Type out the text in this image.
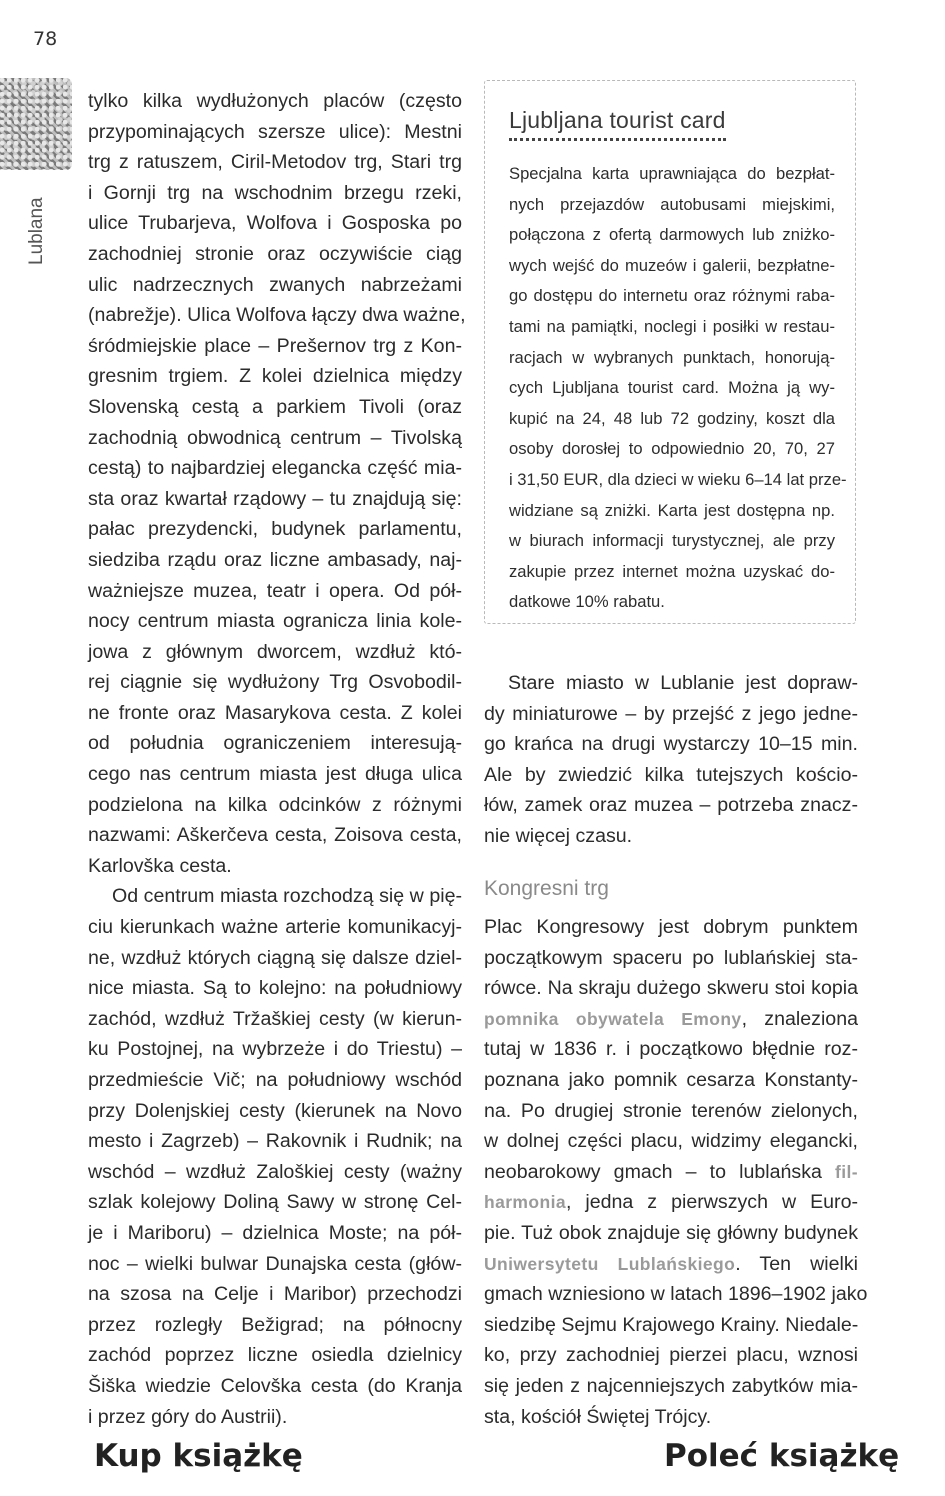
78
Lublana
tylko kilka wydłużonych placów (często
przypominających szersze ulice): Mestni
trg z ratuszem, Ciril-Metodov trg, Stari trg
i Gornji trg na wschodnim brzegu rzeki,
ulice Trubarjeva, Wolfova i Gosposka po
zachodniej stronie oraz oczywiście ciąg
ulic nadrzecznych zwanych nabrzeżami
(nabrežje). Ulica Wolfova łączy dwa ważne,
śródmiejskie place – Prešernov trg z Kon-
gresnim trgiem. Z kolei dzielnica między
Slovenską cestą a parkiem Tivoli (oraz
zachodnią obwodnicą centrum – Tivolską
cestą) to najbardziej elegancka część mia-
sta oraz kwartał rządowy – tu znajdują się:
pałac prezydencki, budynek parlamentu,
siedziba rządu oraz liczne ambasady, naj-
ważniejsze muzea, teatr i opera. Od pół-
nocy centrum miasta ogranicza linia kole-
jowa z głównym dworcem, wzdłuż któ-
rej ciągnie się wydłużony Trg Osvobodil-
ne fronte oraz Masarykova cesta. Z kolei
od południa ograniczeniem interesują-
cego nas centrum miasta jest długa ulica
podzielona na kilka odcinków z różnymi
nazwami: Aškerčeva cesta, Zoisova cesta,
Karlovška cesta.
Od centrum miasta rozchodzą się w pię-
ciu kierunkach ważne arterie komunikacyj-
ne, wzdłuż których ciągną się dalsze dziel-
nice miasta. Są to kolejno: na południowy
zachód, wzdłuż Tržaškiej cesty (w kierun-
ku Postojnej, na wybrzeże i do Triestu) –
przedmieście Vič; na południowy wschód
przy Dolenjskiej cesty (kierunek na Novo
mesto i Zagrzeb) – Rakovnik i Rudnik; na
wschód – wzdłuż Zaloškiej cesty (ważny
szlak kolejowy Doliną Sawy w stronę Cel-
je i Mariboru) – dzielnica Moste; na pół-
noc – wielki bulwar Dunajska cesta (głów-
na szosa na Celje i Maribor) przechodzi
przez rozległy Bežigrad; na północny
zachód poprzez liczne osiedla dzielnicy
Šiška wiedzie Celovška cesta (do Kranja
i przez góry do Austrii).
Ljubljana tourist card
Specjalna karta uprawniająca do bezpłat-
nych przejazdów autobusami miejskimi,
połączona z ofertą darmowych lub zniżko-
wych wejść do muzeów i galerii, bezpłatne-
go dostępu do internetu oraz różnymi raba-
tami na pamiątki, noclegi i posiłki w restau-
racjach w wybranych punktach, honorują-
cych Ljubljana tourist card. Można ją wy-
kupić na 24, 48 lub 72 godziny, koszt dla
osoby dorosłej to odpowiednio 20, 70, 27
i 31,50 EUR, dla dzieci w wieku 6–14 lat prze-
widziane są zniżki. Karta jest dostępna np.
w biurach informacji turystycznej, ale przy
zakupie przez internet można uzyskać do-
datkowe 10% rabatu.
Stare miasto w Lublanie jest dopraw-
dy miniaturowe – by przejść z jego jedne-
go krańca na drugi wystarczy 10–15 min.
Ale by zwiedzić kilka tutejszych kościo-
łów, zamek oraz muzea – potrzeba znacz-
nie więcej czasu.
Kongresni trg
Plac Kongresowy jest dobrym punktem
początkowym spaceru po lublańskiej sta-
rówce. Na skraju dużego skweru stoi kopia
pomnika obywatela Emony, znaleziona
tutaj w 1836 r. i początkowo błędnie roz-
poznana jako pomnik cesarza Konstanty-
na. Po drugiej stronie terenów zielonych,
w dolnej części placu, widzimy elegancki,
neobarokowy gmach – to lublańska fil-
harmonia, jedna z pierwszych w Euro-
pie. Tuż obok znajduje się główny budynek
Uniwersytetu Lublańskiego. Ten wielki
gmach wzniesiono w latach 1896–1902 jako
siedzibę Sejmu Krajowego Krainy. Niedale-
ko, przy zachodniej pierzei placu, wznosi
się jeden z najcenniejszych zabytków mia-
sta, kościół Świętej Trójcy.
Kup książkę	Poleć książkę
